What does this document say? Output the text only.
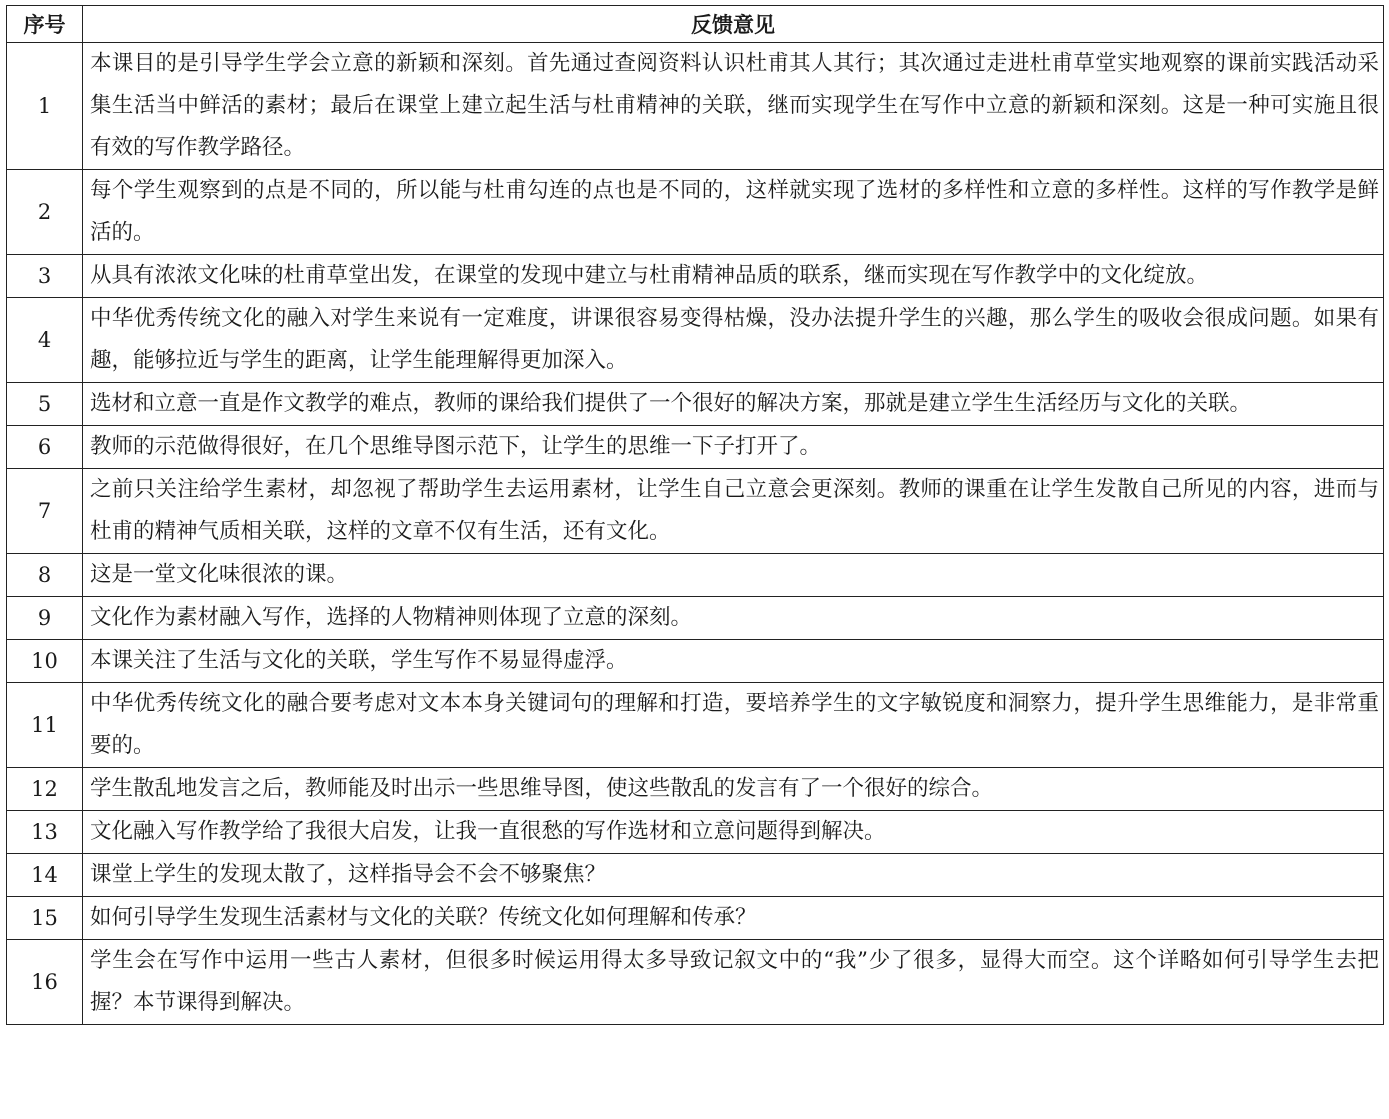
序号	反馈意见
1	本课目的是引导学生学会立意的新颖和深刻。首先通过查阅资料认识杜甫其人其行；其次通过走进杜甫草堂实地观察的课前实践活动采集生活当中鲜活的素材；最后在课堂上建立起生活与杜甫精神的关联，继而实现学生在写作中立意的新颖和深刻。这是一种可实施且很有效的写作教学路径。
2	每个学生观察到的点是不同的，所以能与杜甫勾连的点也是不同的，这样就实现了选材的多样性和立意的多样性。这样的写作教学是鲜活的。
3	从具有浓浓文化味的杜甫草堂出发，在课堂的发现中建立与杜甫精神品质的联系，继而实现在写作教学中的文化绽放。
4	中华优秀传统文化的融入对学生来说有一定难度，讲课很容易变得枯燥，没办法提升学生的兴趣，那么学生的吸收会很成问题。如果有趣，能够拉近与学生的距离，让学生能理解得更加深入。
5	选材和立意一直是作文教学的难点，教师的课给我们提供了一个很好的解决方案，那就是建立学生生活经历与文化的关联。
6	教师的示范做得很好，在几个思维导图示范下，让学生的思维一下子打开了。
7	之前只关注给学生素材，却忽视了帮助学生去运用素材，让学生自己立意会更深刻。教师的课重在让学生发散自己所见的内容，进而与杜甫的精神气质相关联，这样的文章不仅有生活，还有文化。
8	这是一堂文化味很浓的课。
9	文化作为素材融入写作，选择的人物精神则体现了立意的深刻。
10	本课关注了生活与文化的关联，学生写作不易显得虚浮。
11	中华优秀传统文化的融合要考虑对文本本身关键词句的理解和打造，要培养学生的文字敏锐度和洞察力，提升学生思维能力，是非常重要的。
12	学生散乱地发言之后，教师能及时出示一些思维导图，使这些散乱的发言有了一个很好的综合。
13	文化融入写作教学给了我很大启发，让我一直很愁的写作选材和立意问题得到解决。
14	课堂上学生的发现太散了，这样指导会不会不够聚焦？
15	如何引导学生发现生活素材与文化的关联？传统文化如何理解和传承？
16	学生会在写作中运用一些古人素材，但很多时候运用得太多导致记叙文中的“我”少了很多，显得大而空。这个详略如何引导学生去把握？本节课得到解决。
